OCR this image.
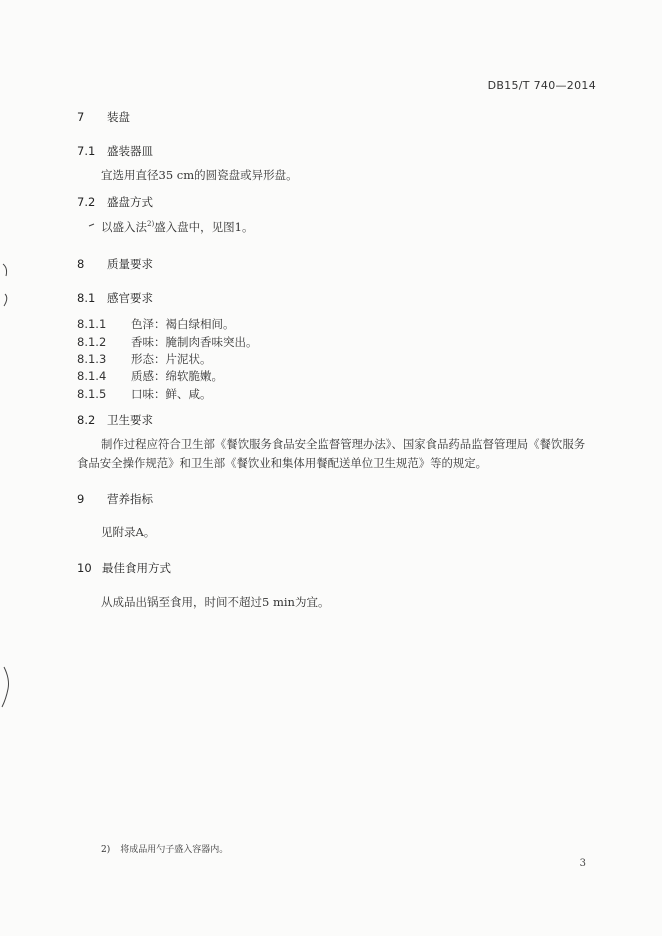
DB15/T 740—2014
7 装盘
7.1 盛装器皿
宜选用直径35 cm的圆瓷盘或异形盘。
7.2 盛盘方式
以盛入法$^{2)}$盛入盘中，见图1。
8 质量要求
8.1 感官要求
8.1.1 色泽：褐白绿相间。
8.1.2 香味：腌制肉香味突出。
8.1.3 形态：片泥状。
8.1.4 质感：绵软脆嫩。
8.1.5 口味：鲜、咸。
8.2 卫生要求
制作过程应符合卫生部《餐饮服务食品安全监督管理办法》、国家食品药品监督管理局《餐饮服务
食品安全操作规范》和卫生部《餐饮业和集体用餐配送单位卫生规范》等的规定。
9 营养指标
见附录A。
10 最佳食用方式
从成品出锅至食用，时间不超过5 min为宜。
2) 将成品用勺子盛入容器内。
3
